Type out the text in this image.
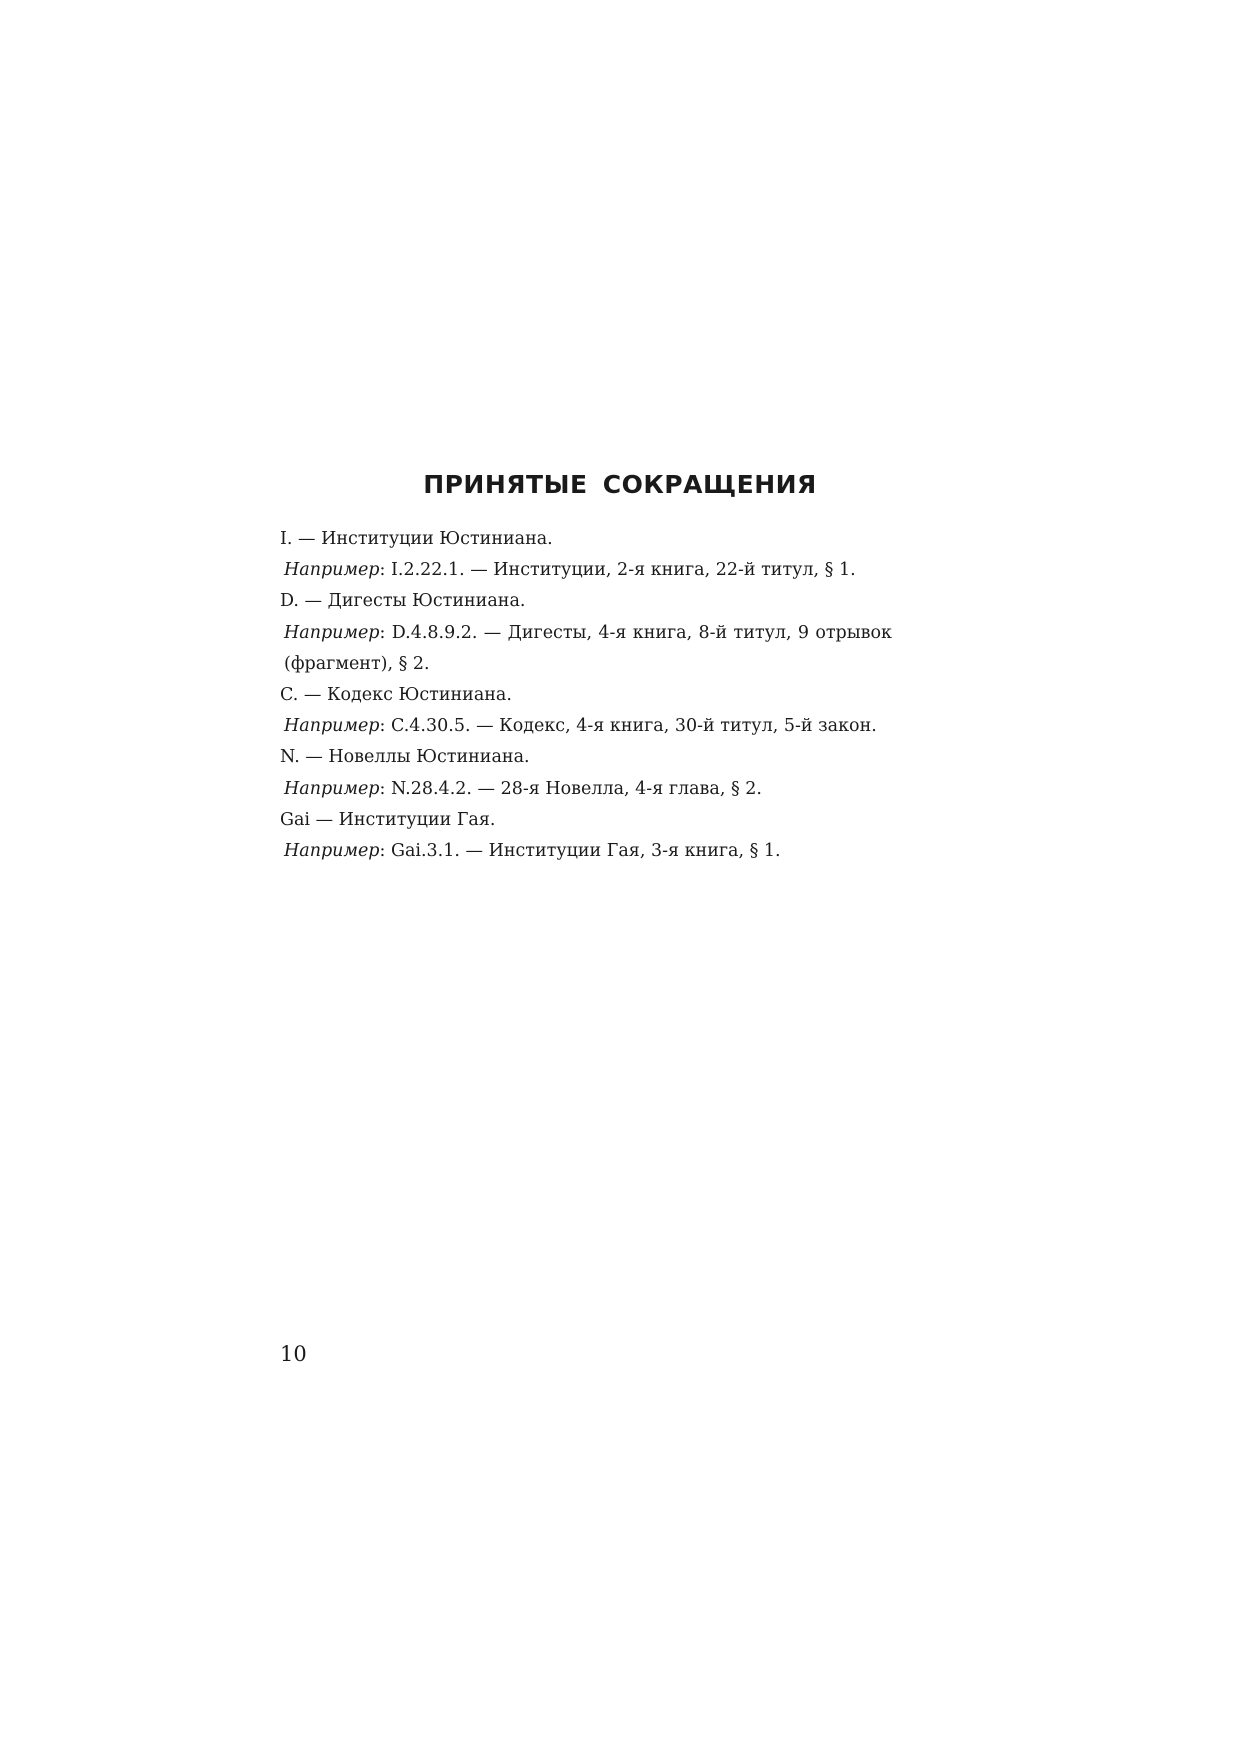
ПРИНЯТЫЕ СОКРАЩЕНИЯ

I. — Институции Юстиниана.

Например: I.2.22.1. — Институции, 2-я книга, 22-й титул, § 1.

D. — Дигесты Юстиниана.

Например: D.4.8.9.2. — Дигесты, 4-я книга, 8-й титул, 9 отрывок (фрагмент), § 2.

C. — Кодекс Юстиниана.

Например: C.4.30.5. — Кодекс, 4-я книга, 30-й титул, 5-й закон.

N. — Новеллы Юстиниана.

Например: N.28.4.2. — 28-я Новелла, 4-я глава, § 2.

Gai — Институции Гая.

Например: Gai.3.1. — Институции Гая, 3-я книга, § 1.

10
